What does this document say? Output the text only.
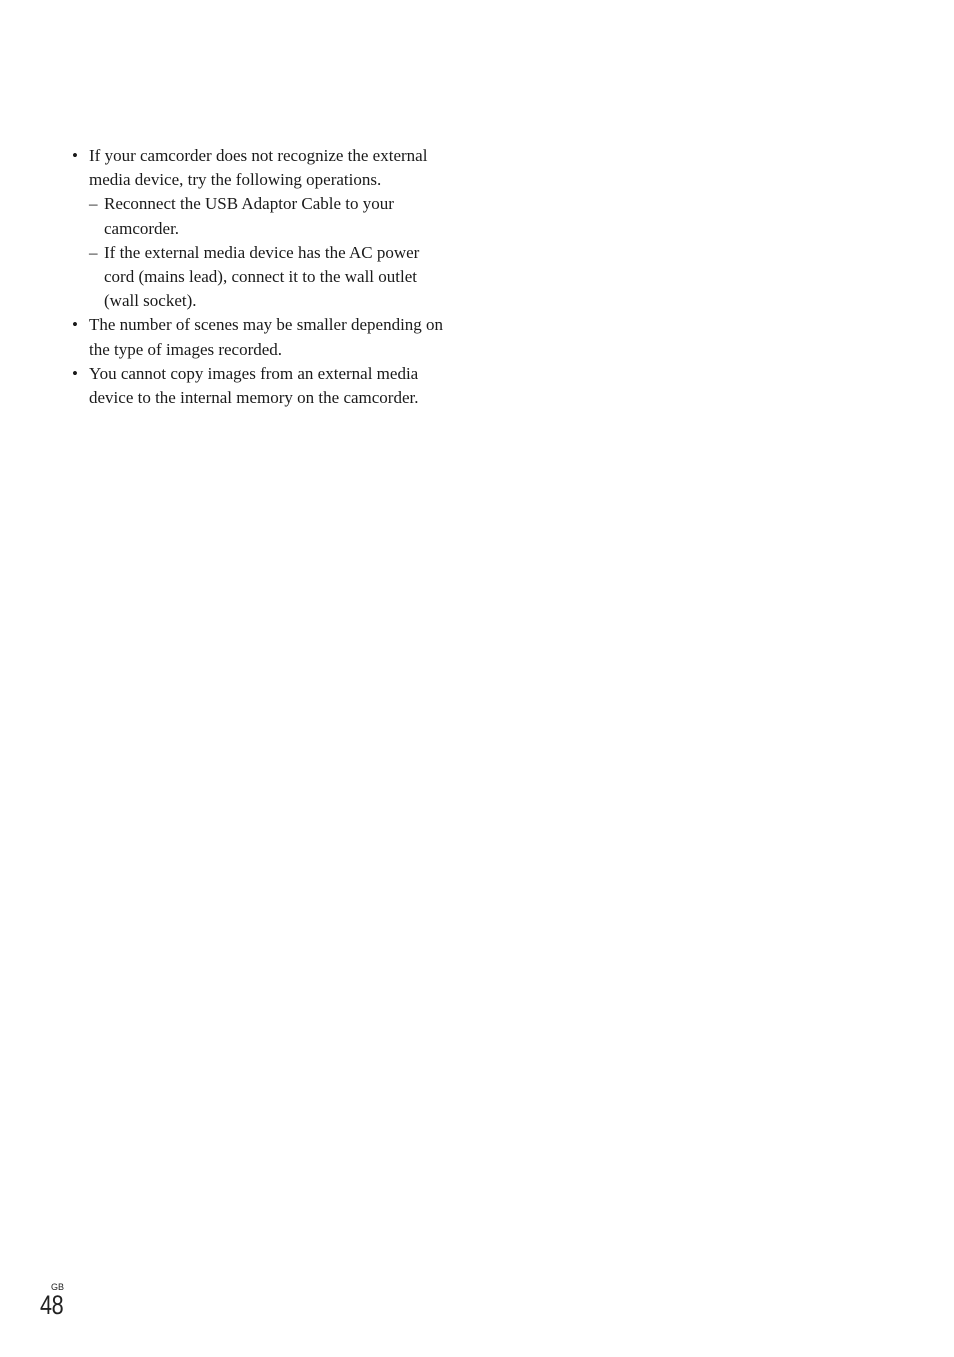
• If your camcorder does not recognize the external media device, try the following operations.
– Reconnect the USB Adaptor Cable to your camcorder.
– If the external media device has the AC power cord (mains lead), connect it to the wall outlet (wall socket).
• The number of scenes may be smaller depending on the type of images recorded.
• You cannot copy images from an external media device to the internal memory on the camcorder.
GB
48
